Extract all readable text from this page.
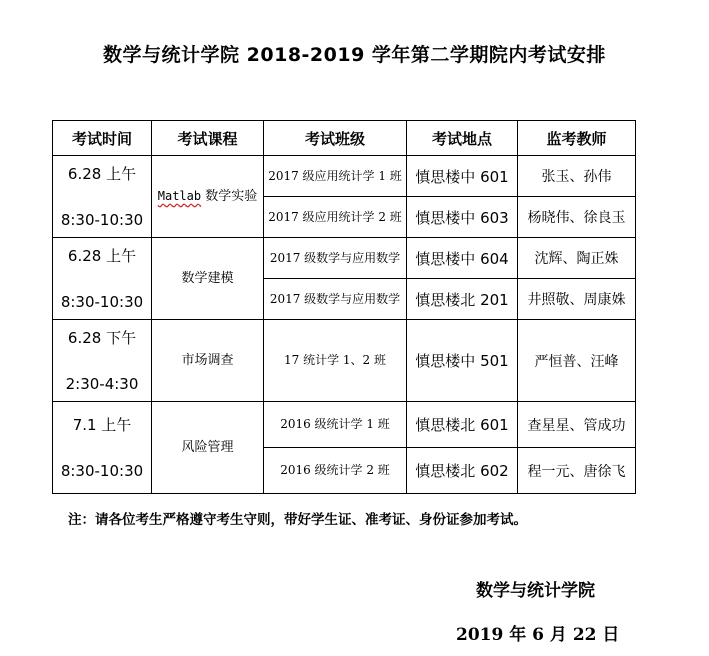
数学与统计学院 2018-2019 学年第二学期院内考试安排
考试时间	考试课程	考试班级	考试地点	监考教师

6.28 上午
8:30-10:30	Matlab 数学实验	2017 级应用统计学 1 班	慎思楼中 601	张玉、孙伟
		2017 级应用统计学 2 班	慎思楼中 603	杨晓伟、徐良玉

6.28 上午
8:30-10:30	数学建模	2017 级数学与应用数学	慎思楼中 604	沈辉、陶正姝
		2017 级数学与应用数学	慎思楼北 201	井照敬、周康姝

6.28 下午
2:30-4:30	市场调查	17 统计学 1、2 班	慎思楼中 501	严恒普、汪峰

7.1 上午
8:30-10:30	风险管理	2016 级统计学 1 班	慎思楼北 601	查星星、管成功
		2016 级统计学 2 班	慎思楼北 602	程一元、唐徐飞
注：请各位考生严格遵守考生守则，带好学生证、准考证、身份证参加考试。
数学与统计学院
2019 年 6 月 22 日
